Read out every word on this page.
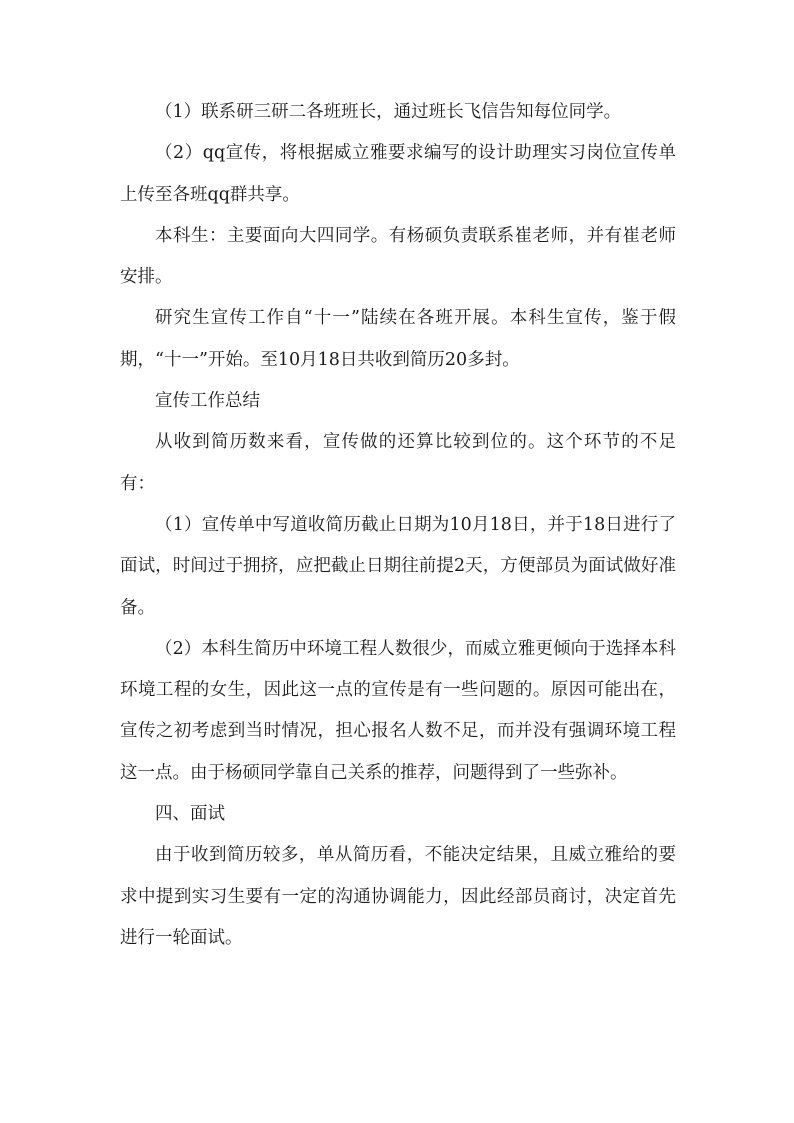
（1）联系研三研二各班班长，通过班长飞信告知每位同学。

（2）qq宣传，将根据威立雅要求编写的设计助理实习岗位宣传单上传至各班qq群共享。

本科生：主要面向大四同学。有杨硕负责联系崔老师，并有崔老师安排。

研究生宣传工作自“十一”陆续在各班开展。本科生宣传，鉴于假期，“十一”开始。至10月18日共收到简历20多封。

宣传工作总结

从收到简历数来看，宣传做的还算比较到位的。这个环节的不足有：

（1）宣传单中写道收简历截止日期为10月18日，并于18日进行了面试，时间过于拥挤，应把截止日期往前提2天，方便部员为面试做好准备。

（2）本科生简历中环境工程人数很少，而威立雅更倾向于选择本科环境工程的女生，因此这一点的宣传是有一些问题的。原因可能出在，宣传之初考虑到当时情况，担心报名人数不足，而并没有强调环境工程这一点。由于杨硕同学靠自己关系的推荐，问题得到了一些弥补。

四、面试

由于收到简历较多，单从简历看，不能决定结果，且威立雅给的要求中提到实习生要有一定的沟通协调能力，因此经部员商讨，决定首先进行一轮面试。
